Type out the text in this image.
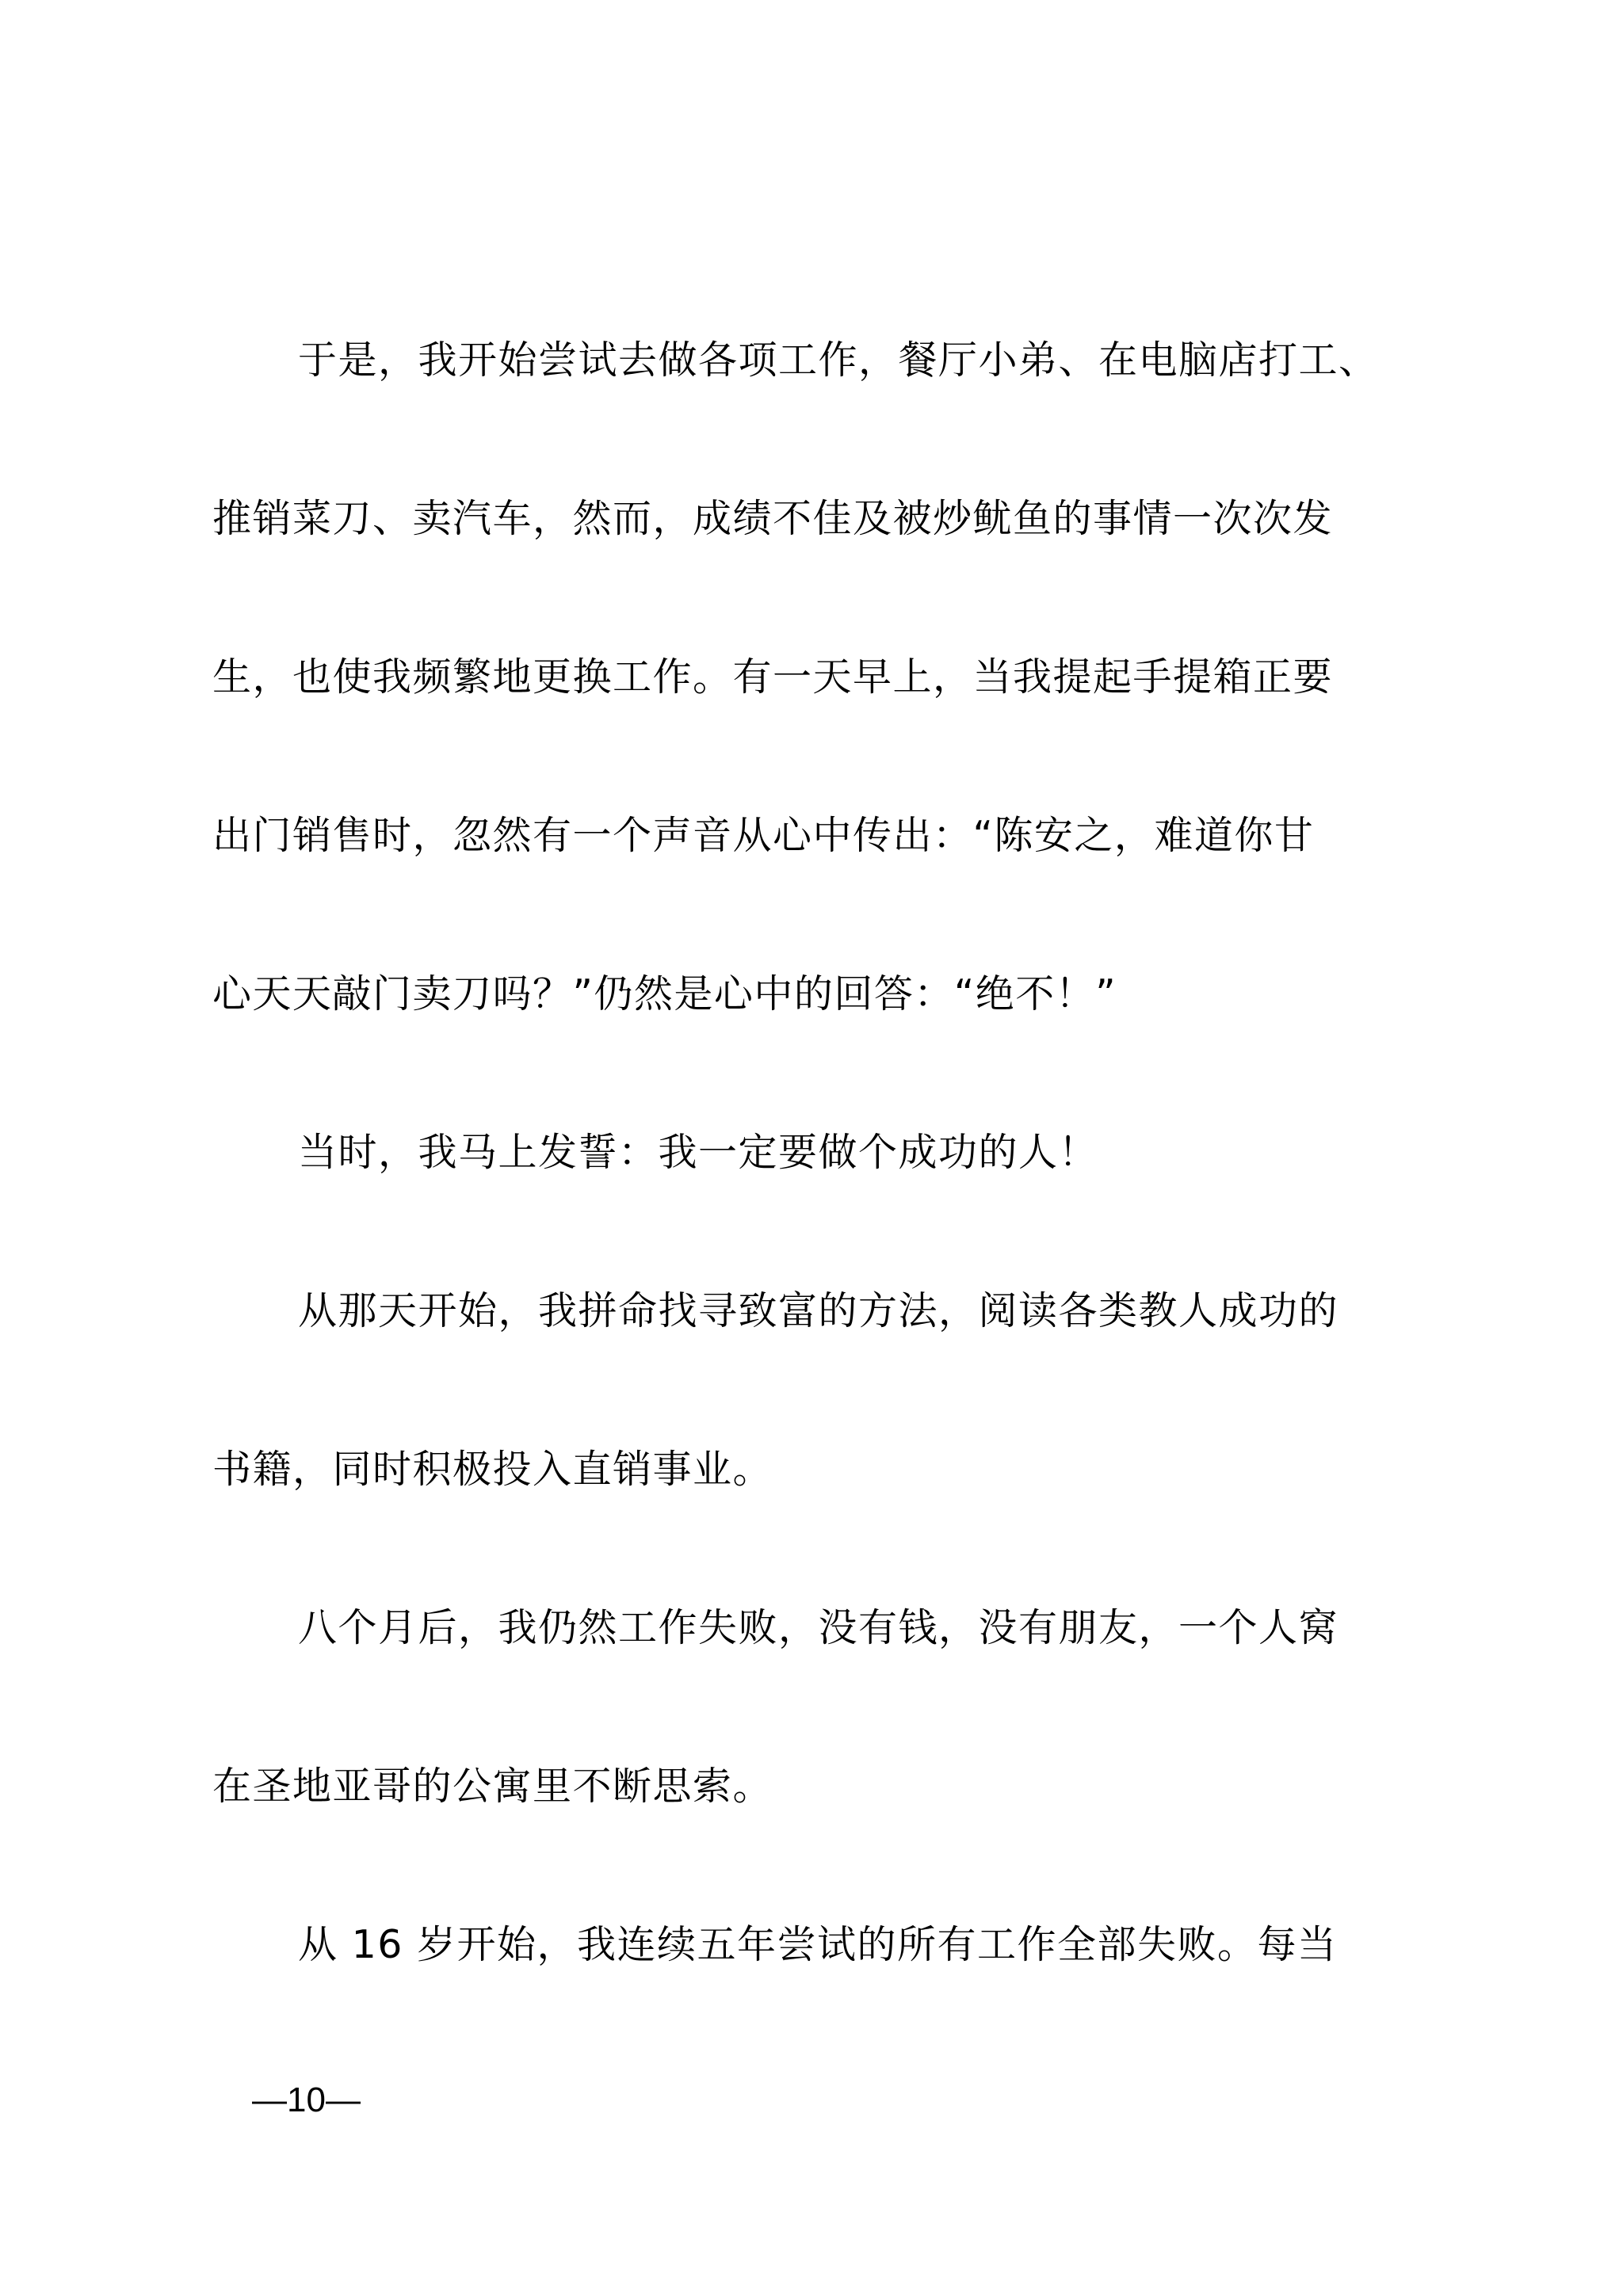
于是，我开始尝试去做各项工作，餐厅小弟、在电脑店打工、
推销菜刀、卖汽车，然而，成绩不佳及被炒鱿鱼的事情一次次发
生，也使我频繁地更换工作。有一天早上，当我提起手提箱正要
出门销售时，忽然有一个声音从心中传出：“陈安之，难道你甘
心天天敲门卖刀吗？”仍然是心中的回答：“绝不！”
当时，我马上发誓：我一定要做个成功的人！
从那天开始，我拼命找寻致富的方法，阅读各类教人成功的
书籍，同时积极投入直销事业。
八个月后，我仍然工作失败，没有钱，没有朋友，一个人窝
在圣地亚哥的公寓里不断思索。
从 16 岁开始，我连续五年尝试的所有工作全部失败。每当
—10—
